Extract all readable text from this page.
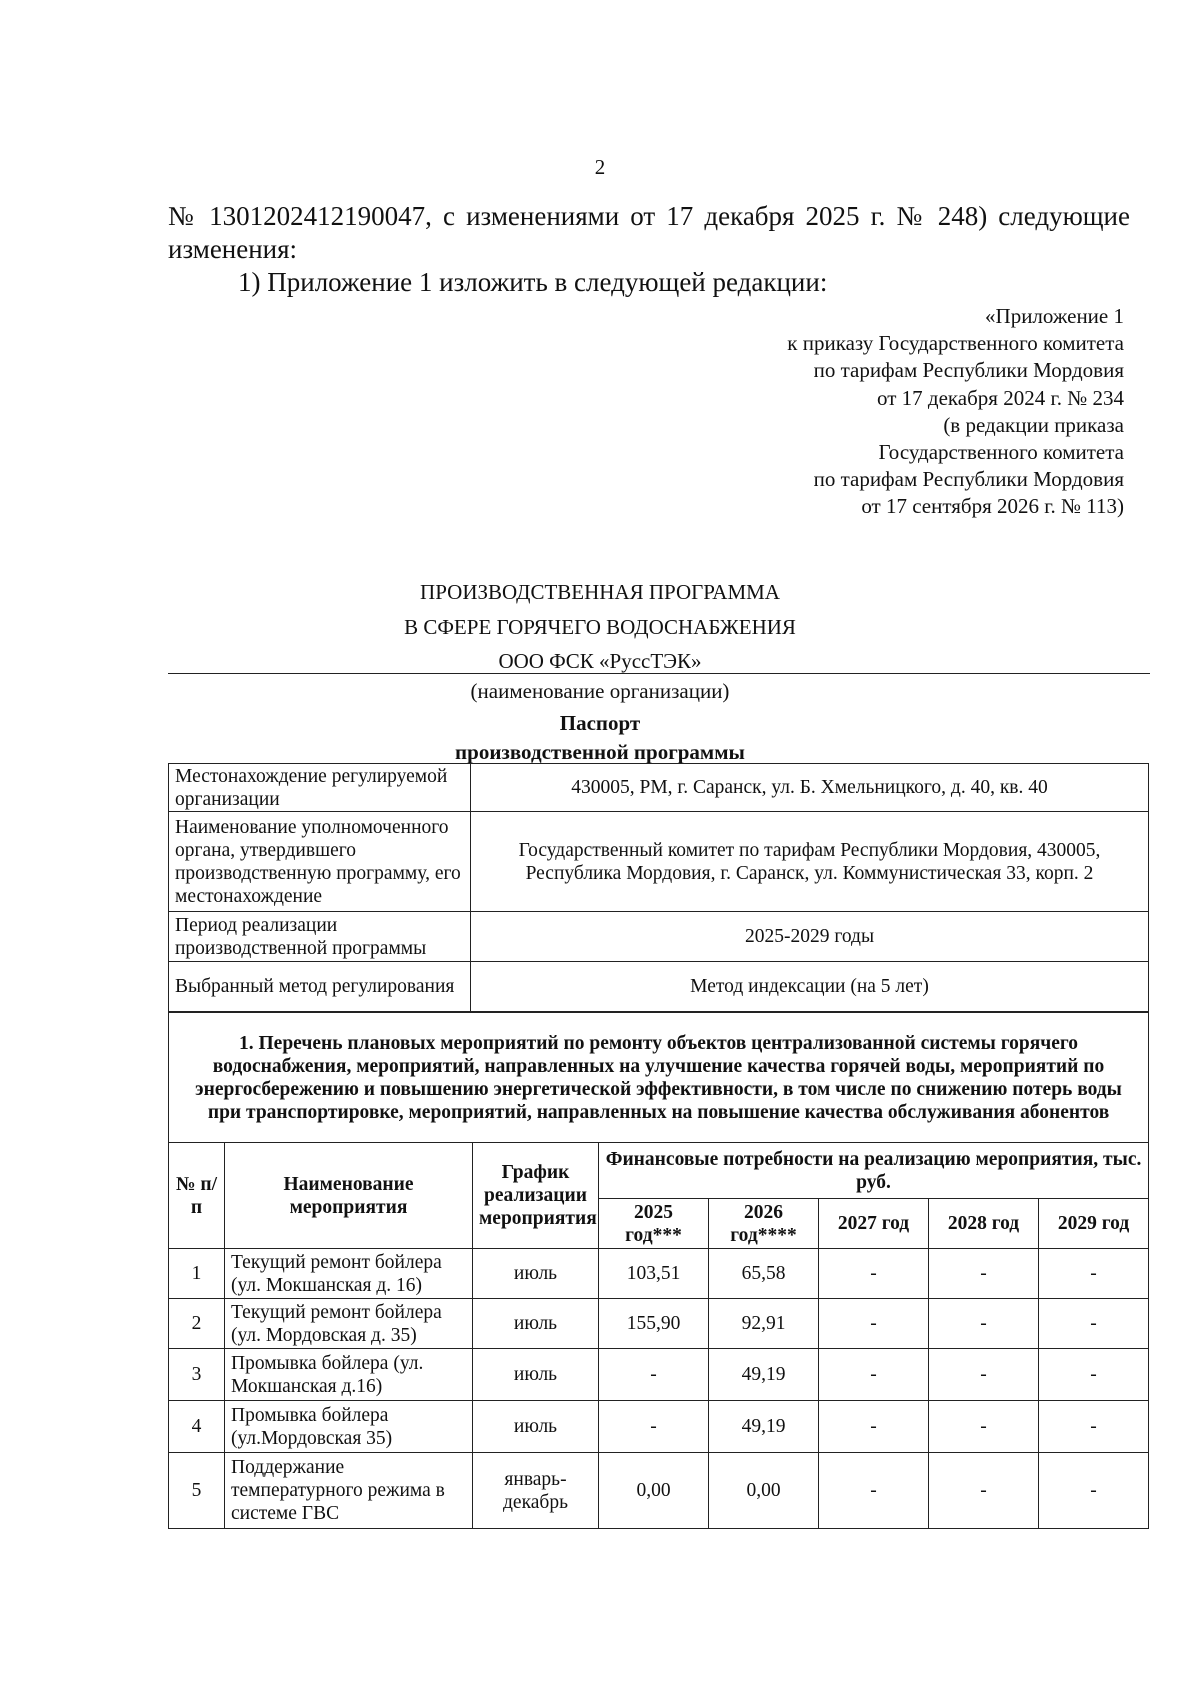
2
№ 1301202412190047, с изменениями от 17 декабря 2025 г. № 248) следующие
изменения:
1) Приложение 1 изложить в следующей редакции:
«Приложение 1
к приказу Государственного комитета
по тарифам Республики Мордовия
от 17 декабря 2024 г. № 234
(в редакции приказа
Государственного комитета
по тарифам Республики Мордовия
от 17 сентября 2026 г. № 113)
ПРОИЗВОДСТВЕННАЯ ПРОГРАММА
В СФЕРЕ ГОРЯЧЕГО ВОДОСНАБЖЕНИЯ
ООО ФСК «РуссТЭК»
(наименование организации)
Паспорт
производственной программы
Местонахождение регулируемой организации	430005, РМ, г. Саранск, ул. Б. Хмельницкого, д. 40, кв. 40
Наименование уполномоченного органа, утвердившего производственную программу, его местонахождение	Государственный комитет по тарифам Республики Мордовия, 430005, Республика Мордовия, г. Саранск, ул. Коммунистическая 33, корп. 2
Период реализации производственной программы	2025-2029 годы
Выбранный метод регулирования	Метод индексации (на 5 лет)
1. Перечень плановых мероприятий по ремонту объектов централизованной системы горячего водоснабжения, мероприятий, направленных на улучшение качества горячей воды, мероприятий по энергосбережению и повышению энергетической эффективности, в том числе по снижению потерь воды при транспортировке, мероприятий, направленных на повышение качества обслуживания абонентов							
№ п/п	Наименование мероприятия	График реализации мероприятия	Финансовые потребности на реализацию мероприятия, тыс. руб.				
			2025 год***	2026 год****	2027 год	2028 год	2029 год
1	Текущий ремонт бойлера (ул. Мокшанская д. 16)	июль	103,51	65,58	-	-	-
2	Текущий ремонт бойлера (ул. Мордовская д. 35)	июль	155,90	92,91	-	-	-
3	Промывка бойлера (ул. Мокшанская д.16)	июль	-	49,19	-	-	-
4	Промывка бойлера (ул.Мордовская 35)	июль	-	49,19	-	-	-
5	Поддержание температурного режима в системе ГВС	январь-декабрь	0,00	0,00	-	-	-
